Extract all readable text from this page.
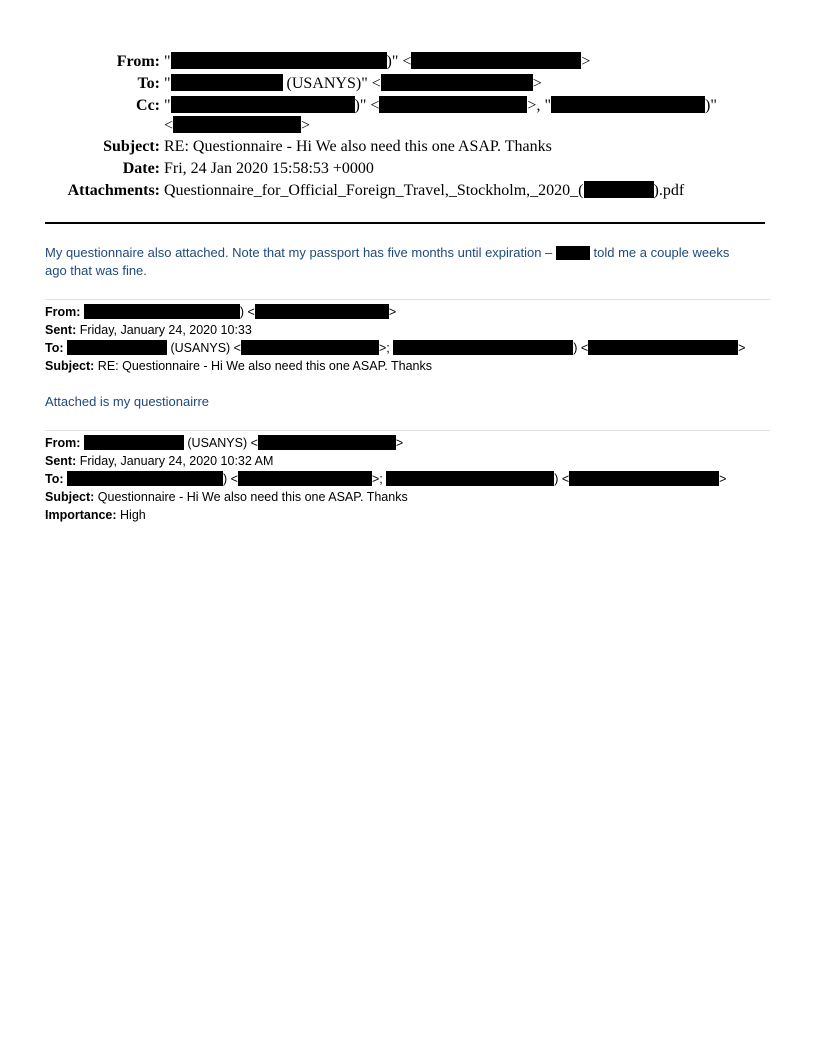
From: "	)" <	>
To: "	(USANYS)" <	>
Cc: "	)" <	>, "	)"
<	>
Subject: RE: Questionnaire - Hi We also need this one ASAP. Thanks
Date: Fri, 24 Jan 2020 15:58:53 +0000
Attachments: Questionnaire_for_Official_Foreign_Travel,_Stockholm,_2020_(	).pdf
My questionnaire also attached. Note that my passport has five months until expiration –	told me a couple weeks
ago that was fine.
From:	) <	>
Sent: Friday, January 24, 2020 10:33
To:	(USANYS) <	>;	) <	>
Subject: RE: Questionnaire - Hi We also need this one ASAP. Thanks
Attached is my questionairre
From:	(USANYS) <	>
Sent: Friday, January 24, 2020 10:32 AM
To:	) <	>;	) <	>
Subject: Questionnaire - Hi We also need this one ASAP. Thanks
Importance: High
